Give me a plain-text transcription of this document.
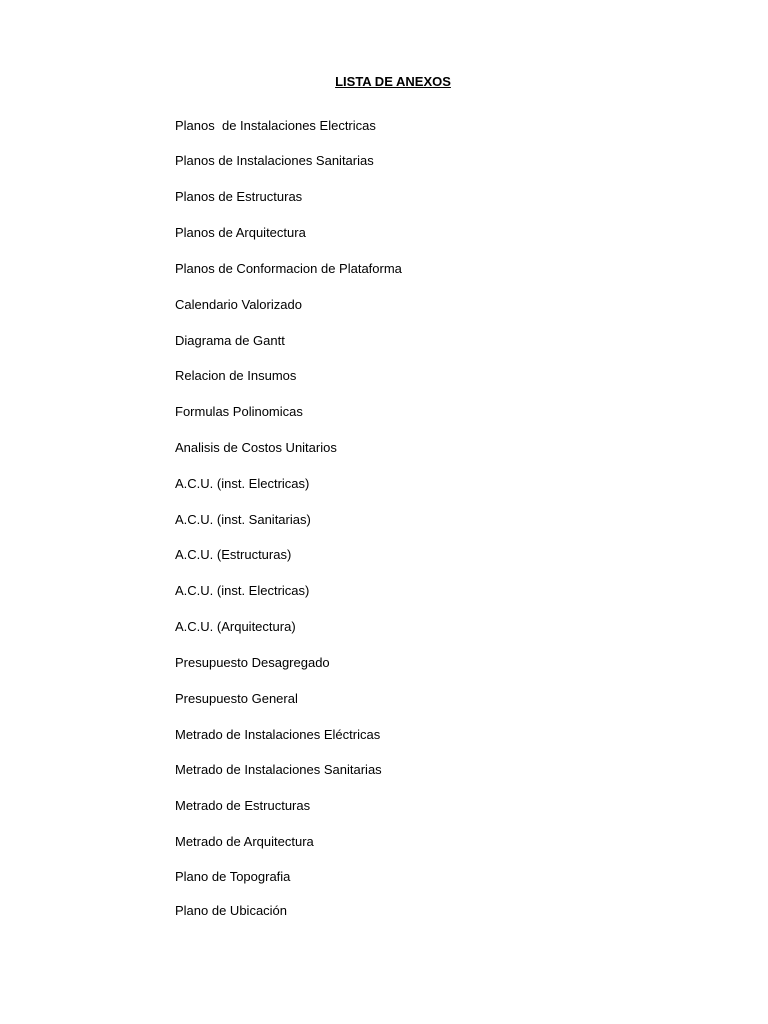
LISTA DE ANEXOS
Planos  de Instalaciones Electricas
Planos de Instalaciones Sanitarias
Planos de Estructuras
Planos de Arquitectura
Planos de Conformacion de Plataforma
Calendario Valorizado
Diagrama de Gantt
Relacion de Insumos
Formulas Polinomicas
Analisis de Costos Unitarios
A.C.U. (inst. Electricas)
A.C.U. (inst. Sanitarias)
A.C.U. (Estructuras)
A.C.U. (inst. Electricas)
A.C.U. (Arquitectura)
Presupuesto Desagregado
Presupuesto General
Metrado de Instalaciones Eléctricas
Metrado de Instalaciones Sanitarias
Metrado de Estructuras
Metrado de Arquitectura
Plano de Topografia
Plano de Ubicación
